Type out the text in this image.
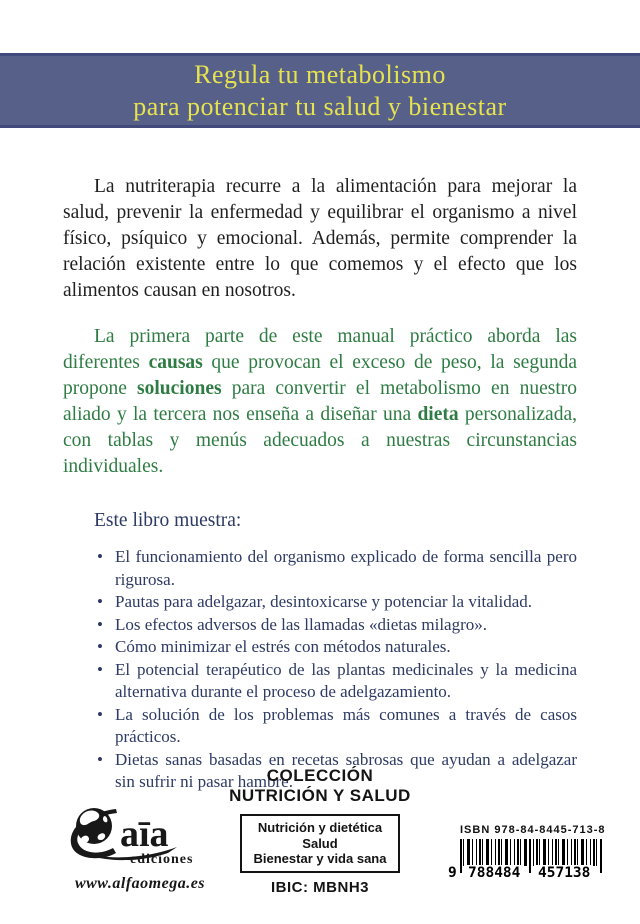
Regula tu metabolismo
para potenciar tu salud y bienestar

La nutriterapia recurre a la alimentación para mejorar la salud, prevenir la enfermedad y equilibrar el organismo a nivel físico, psíquico y emocional. Además, permite comprender la relación existente entre lo que comemos y el efecto que los alimentos causan en nosotros.

La primera parte de este manual práctico aborda las diferentes causas que provocan el exceso de peso, la segunda propone soluciones para convertir el metabolismo en nuestro aliado y la tercera nos enseña a diseñar una dieta personalizada, con tablas y menús adecuados a nuestras circunstancias individuales.

Este libro muestra:

• El funcionamiento del organismo explicado de forma sencilla pero rigurosa.
• Pautas para adelgazar, desintoxicarse y potenciar la vitalidad.
• Los efectos adversos de las llamadas «dietas milagro».
• Cómo minimizar el estrés con métodos naturales.
• El potencial terapéutico de las plantas medicinales y la medicina alternativa durante el proceso de adelgazamiento.
• La solución de los problemas más comunes a través de casos prácticos.
• Dietas sanas basadas en recetas sabrosas que ayudan a adelgazar sin sufrir ni pasar hambre.
COLECCIÓN
NUTRICIÓN Y SALUD
Nutrición y dietética
Salud
Bienestar y vida sana
IBIC: MBNH3
aīa
ediciones
www.alfaomega.es
ISBN 978-84-8445-713-8
9 788484 457138
